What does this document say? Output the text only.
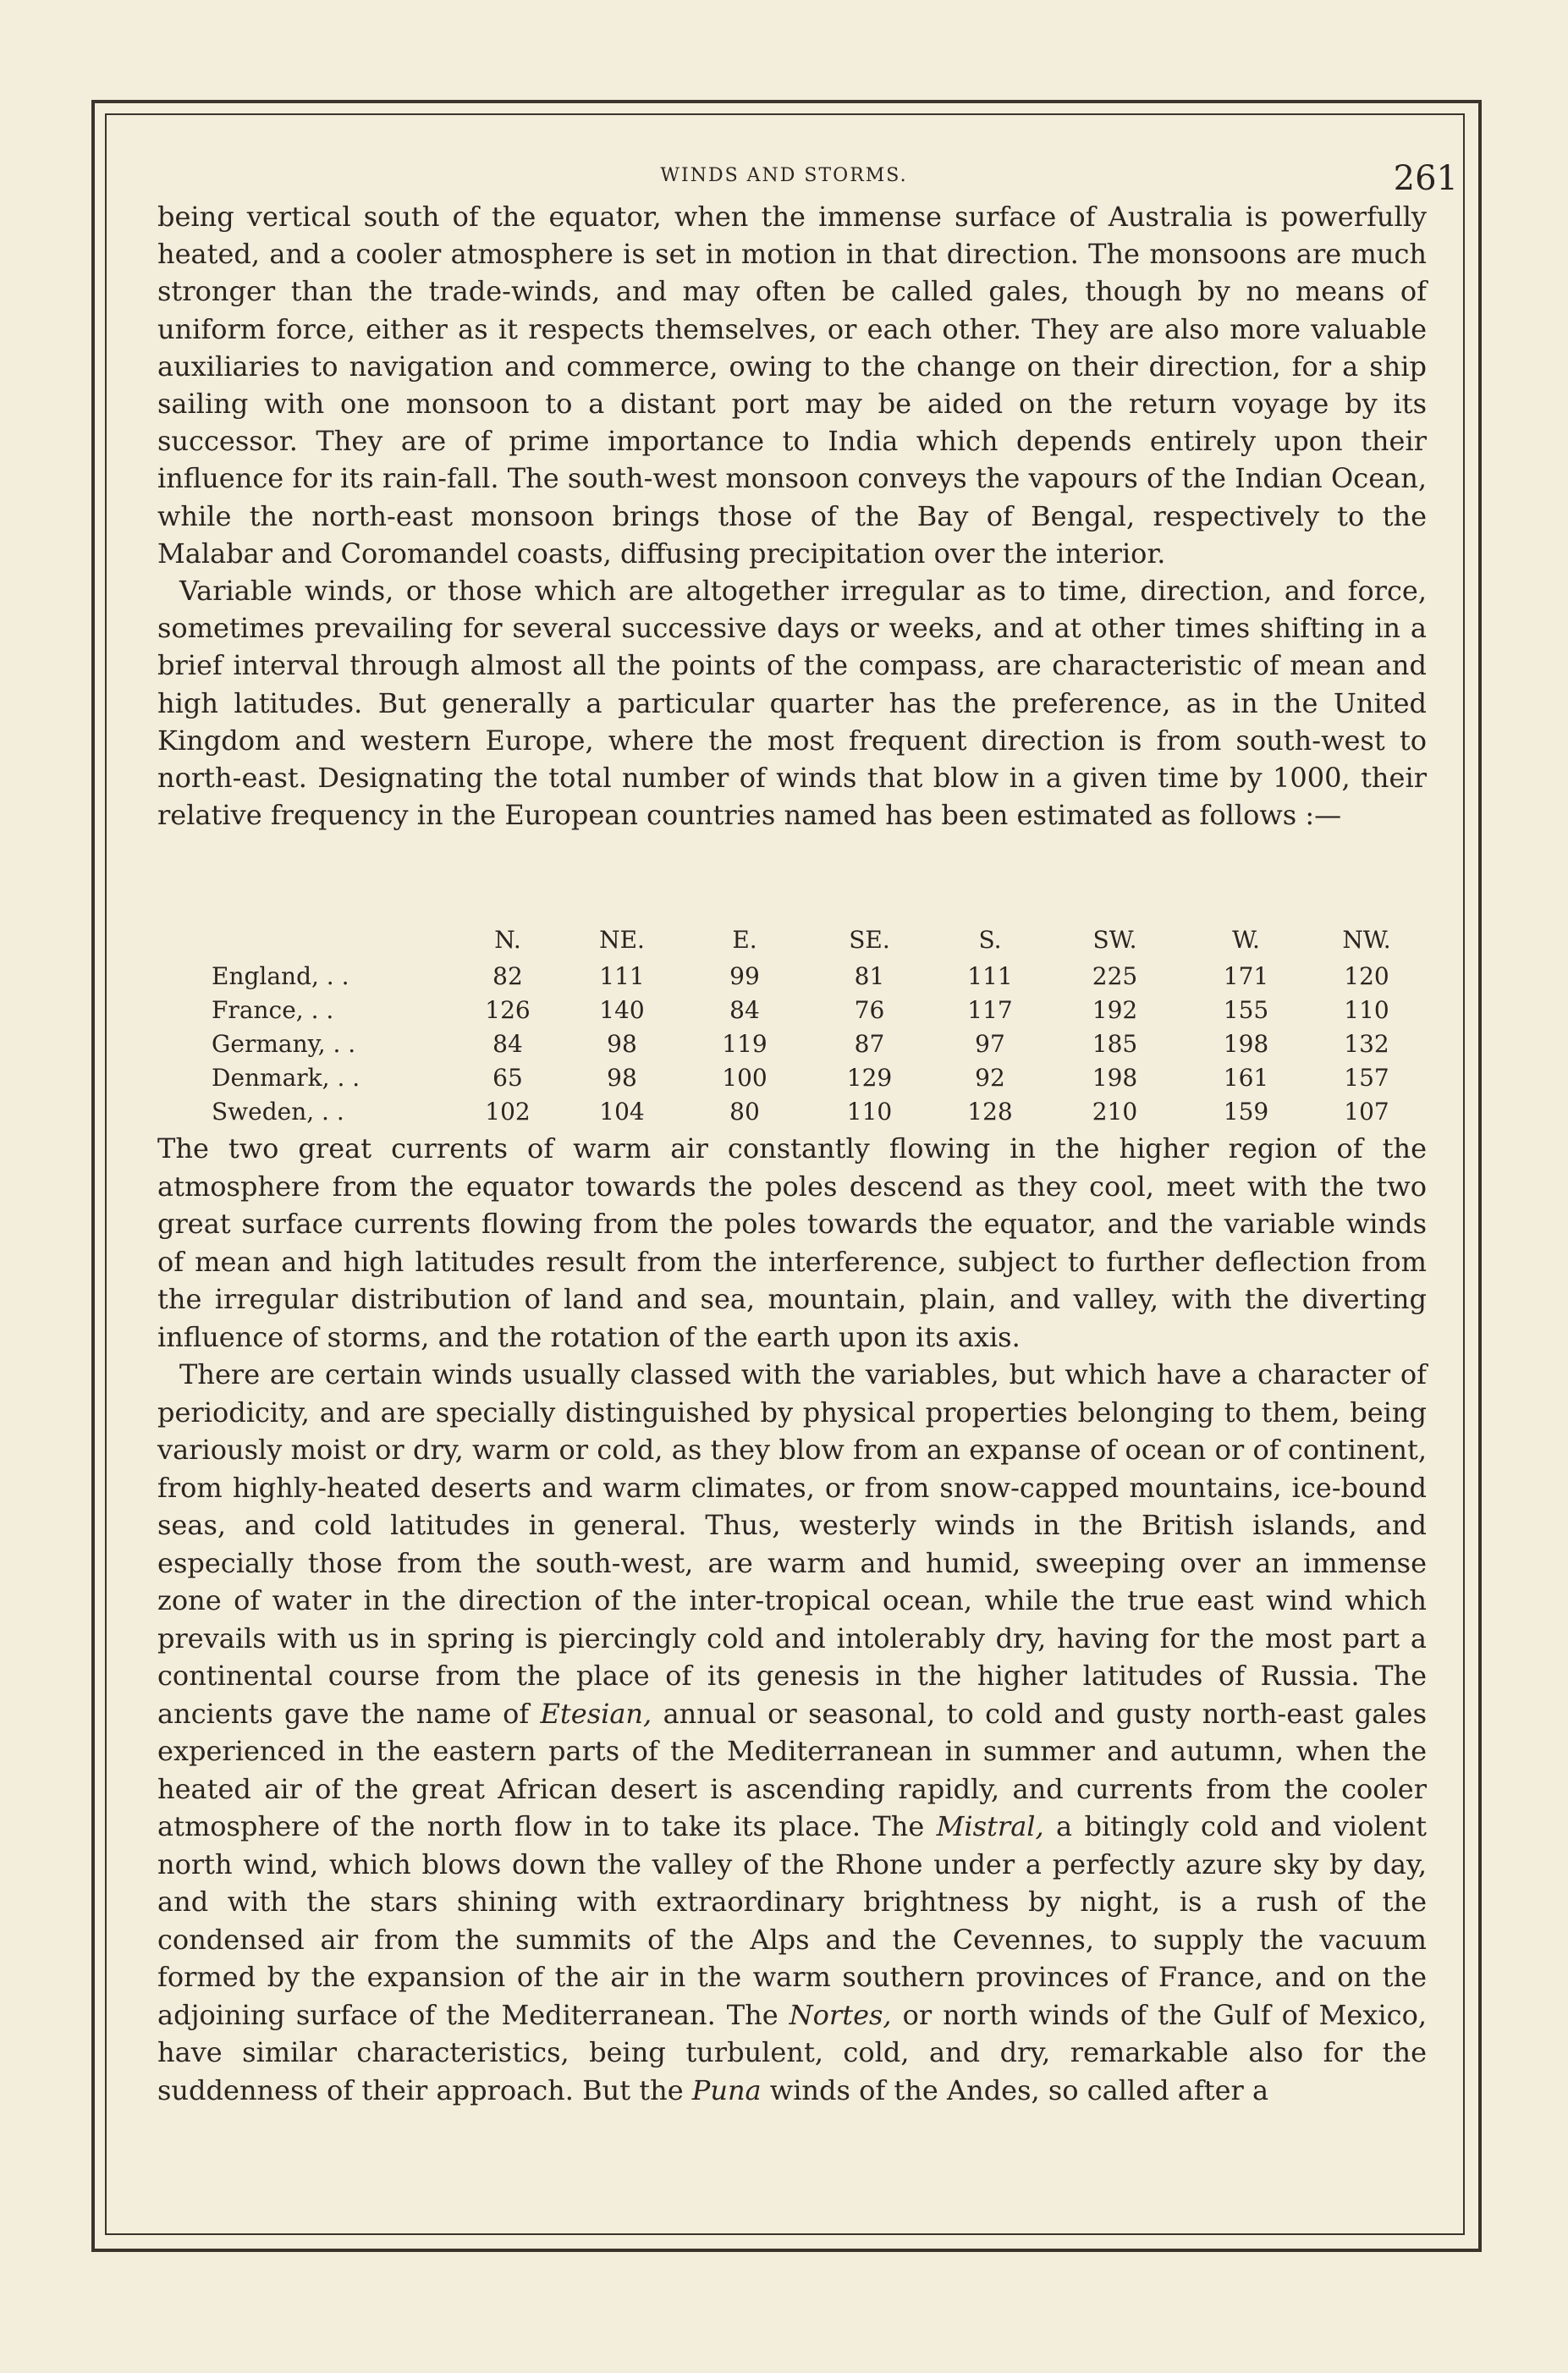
WINDS AND STORMS.	261

being vertical south of the equator, when the immense surface of Australia is powerfully heated, and a cooler atmosphere is set in motion in that direction. The monsoons are much stronger than the trade-winds, and may often be called gales, though by no means of uniform force, either as it respects themselves, or each other. They are also more valuable auxiliaries to navigation and commerce, owing to the change on their direction, for a ship sailing with one monsoon to a distant port may be aided on the return voyage by its successor. They are of prime importance to India which depends entirely upon their influence for its rain-fall. The south-west monsoon conveys the vapours of the Indian Ocean, while the north-east monsoon brings those of the Bay of Bengal, respectively to the Malabar and Coromandel coasts, diffusing precipitation over the interior.

Variable winds, or those which are altogether irregular as to time, direction, and force, sometimes prevailing for several successive days or weeks, and at other times shifting in a brief interval through almost all the points of the compass, are characteristic of mean and high latitudes. But generally a particular quarter has the preference, as in the United Kingdom and western Europe, where the most frequent direction is from south-west to north-east. Designating the total number of winds that blow in a given time by 1000, their relative frequency in the European countries named has been estimated as follows :—

	N.	NE.	E.	SE.	S.	SW.	W.	NW.
England, . .	82	111	99	81	111	225	171	120
France, . .	126	140	84	76	117	192	155	110
Germany, . .	84	98	119	87	97	185	198	132
Denmark, . .	65	98	100	129	92	198	161	157
Sweden, . .	102	104	80	110	128	210	159	107

The two great currents of warm air constantly flowing in the higher region of the atmosphere from the equator towards the poles descend as they cool, meet with the two great surface currents flowing from the poles towards the equator, and the variable winds of mean and high latitudes result from the interference, subject to further deflection from the irregular distribution of land and sea, mountain, plain, and valley, with the diverting influence of storms, and the rotation of the earth upon its axis.

There are certain winds usually classed with the variables, but which have a character of periodicity, and are specially distinguished by physical properties belonging to them, being variously moist or dry, warm or cold, as they blow from an expanse of ocean or of continent, from highly-heated deserts and warm climates, or from snow-capped mountains, ice-bound seas, and cold latitudes in general. Thus, westerly winds in the British islands, and especially those from the south-west, are warm and humid, sweeping over an immense zone of water in the direction of the inter-tropical ocean, while the true east wind which prevails with us in spring is piercingly cold and intolerably dry, having for the most part a continental course from the place of its genesis in the higher latitudes of Russia. The ancients gave the name of Etesian, annual or seasonal, to cold and gusty north-east gales experienced in the eastern parts of the Mediterranean in summer and autumn, when the heated air of the great African desert is ascending rapidly, and currents from the cooler atmosphere of the north flow in to take its place. The Mistral, a bitingly cold and violent north wind, which blows down the valley of the Rhone under a perfectly azure sky by day, and with the stars shining with extraordinary brightness by night, is a rush of the condensed air from the summits of the Alps and the Cevennes, to supply the vacuum formed by the expansion of the air in the warm southern provinces of France, and on the adjoining surface of the Mediterranean. The Nortes, or north winds of the Gulf of Mexico, have similar characteristics, being turbulent, cold, and dry, remarkable also for the suddenness of their approach. But the Puna winds of the Andes, so called after a
